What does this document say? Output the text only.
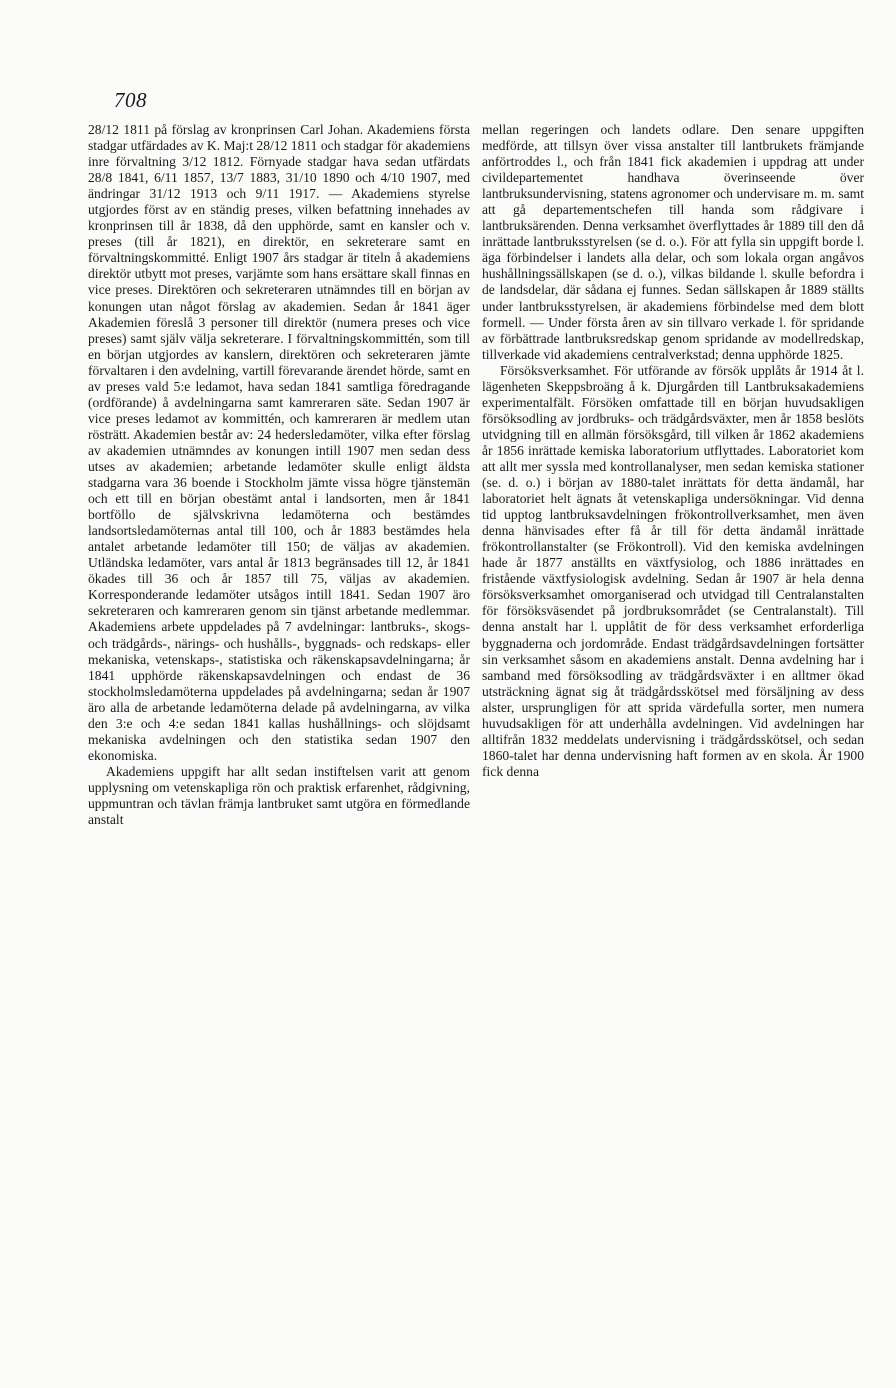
708

28/12 1811 på förslag av kronprinsen Carl Johan. Akademiens första stadgar utfärdades av K. Maj:t 28/12 1811 och stadgar för akademiens inre förvaltning 3/12 1812. Förnyade stadgar hava sedan utfärdats 28/8 1841, 6/11 1857, 13/7 1883, 31/10 1890 och 4/10 1907, med ändringar 31/12 1913 och 9/11 1917. — Akademiens styrelse utgjordes först av en ständig preses, vilken befattning innehades av kronprinsen till år 1838, då den upphörde, samt en kansler och v. preses (till år 1821), en direktör, en sekreterare samt en förvaltningskommitté. Enligt 1907 års stadgar är titeln å akademiens direktör utbytt mot preses, varjämte som hans ersättare skall finnas en vice preses. Direktören och sekreteraren utnämndes till en början av konungen utan något förslag av akademien. Sedan år 1841 äger Akademien föreslå 3 personer till direktör (numera preses och vice preses) samt själv välja sekreterare. I förvaltningskommittén, som till en början utgjordes av kanslern, direktören och sekreteraren jämte förvaltaren i den avdelning, vartill förevarande ärendet hörde, samt en av preses vald 5:e ledamot, hava sedan 1841 samtliga föredragande (ordförande) å avdelningarna samt kamreraren säte. Sedan 1907 är vice preses ledamot av kommittén, och kamreraren är medlem utan rösträtt. Akademien består av: 24 hedersledamöter, vilka efter förslag av akademien utnämndes av konungen intill 1907 men sedan dess utses av akademien; arbetande ledamöter skulle enligt äldsta stadgarna vara 36 boende i Stockholm jämte vissa högre tjänstemän och ett till en början obestämt antal i landsorten, men år 1841 bortföllo de självskrivna ledamöterna och bestämdes landsortsledamöternas antal till 100, och år 1883 bestämdes hela antalet arbetande ledamöter till 150; de väljas av akademien. Utländska ledamöter, vars antal år 1813 begränsades till 12, år 1841 ökades till 36 och år 1857 till 75, väljas av akademien. Korresponderande ledamöter utsågos intill 1841. Sedan 1907 äro sekreteraren och kamreraren genom sin tjänst arbetande medlemmar. Akademiens arbete uppdelades på 7 avdelningar: lantbruks-, skogs- och trädgårds-, närings- och hushålls-, byggnads- och redskaps- eller mekaniska, vetenskaps-, statistiska och räkenskapsavdelningarna; år 1841 upphörde räkenskapsavdelningen och endast de 36 stockholmsledamöterna uppdelades på avdelningarna; sedan år 1907 äro alla de arbetande ledamöterna delade på avdelningarna, av vilka den 3:e och 4:e sedan 1841 kallas hushållnings- och slöjdsamt mekaniska avdelningen och den statistika sedan 1907 den ekonomiska.

Akademiens uppgift har allt sedan instiftelsen varit att genom upplysning om vetenskapliga rön och praktisk erfarenhet, rådgivning, uppmuntran och tävlan främja lantbruket samt utgöra en förmedlande anstalt

mellan regeringen och landets odlare. Den senare uppgiften medförde, att tillsyn över vissa anstalter till lantbrukets främjande anförtroddes l., och från 1841 fick akademien i uppdrag att under civildepartementet handhava överinseende över lantbruksundervisning, statens agronomer och undervisare m. m. samt att gå departementschefen till handa som rådgivare i lantbruksärenden. Denna verksamhet överflyttades år 1889 till den då inrättade lantbruksstyrelsen (se d. o.). För att fylla sin uppgift borde l. äga förbindelser i landets alla delar, och som lokala organ angåvos hushållningssällskapen (se d. o.), vilkas bildande l. skulle befordra i de landsdelar, där sådana ej funnes. Sedan sällskapen år 1889 ställts under lantbruksstyrelsen, är akademiens förbindelse med dem blott formell. — Under första åren av sin tillvaro verkade l. för spridande av förbättrade lantbruksredskap genom spridande av modellredskap, tillverkade vid akademiens centralverkstad; denna upphörde 1825.

Försöksverksamhet. För utförande av försök upplåts år 1914 åt l. lägenheten Skeppsbroäng å k. Djurgården till Lantbruksakademiens experimentalfält. Försöken omfattade till en början huvudsakligen försöksodling av jordbruks- och trädgårdsväxter, men år 1858 beslöts utvidgning till en allmän försöksgård, till vilken år 1862 akademiens år 1856 inrättade kemiska laboratorium utflyttades. Laboratoriet kom att allt mer syssla med kontrollanalyser, men sedan kemiska stationer (se. d. o.) i början av 1880-talet inrättats för detta ändamål, har laboratoriet helt ägnats åt vetenskapliga undersökningar. Vid denna tid upptog lantbruksavdelningen frökontrollverksamhet, men även denna hänvisades efter få år till för detta ändamål inrättade frökontrollanstalter (se Frökontroll). Vid den kemiska avdelningen hade år 1877 anställts en växtfysiolog, och 1886 inrättades en fristående växtfysiologisk avdelning. Sedan år 1907 är hela denna försöksverksamhet omorganiserad och utvidgad till Centralanstalten för försöksväsendet på jordbruksområdet (se Centralanstalt). Till denna anstalt har l. upplåtit de för dess verksamhet erforderliga byggnaderna och jordområde. Endast trädgårdsavdelningen fortsätter sin verksamhet såsom en akademiens anstalt. Denna avdelning har i samband med försöksodling av trädgårdsväxter i en alltmer ökad utsträckning ägnat sig åt trädgårdsskötsel med försäljning av dess alster, ursprungligen för att sprida värdefulla sorter, men numera huvudsakligen för att underhålla avdelningen. Vid avdelningen har alltifrån 1832 meddelats undervisning i trädgårdsskötsel, och sedan 1860-talet har denna undervisning haft formen av en skola. År 1900 fick denna
